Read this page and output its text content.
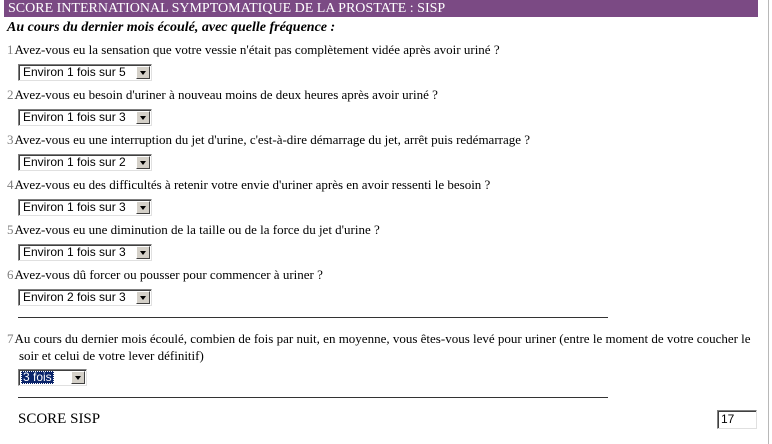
SCORE INTERNATIONAL SYMPTOMATIQUE DE LA PROSTATE : SISP
Au cours du dernier mois écoulé, avec quelle fréquence :
1Avez-vous eu la sensation que votre vessie n'était pas complètement vidée après avoir uriné ?
Environ 1 fois sur 5
2Avez-vous eu besoin d'uriner à nouveau moins de deux heures après avoir uriné ?
Environ 1 fois sur 3
3Avez-vous eu une interruption du jet d'urine, c'est-à-dire démarrage du jet, arrêt puis redémarrage ?
Environ 1 fois sur 2
4Avez-vous eu des difficultés à retenir votre envie d'uriner après en avoir ressenti le besoin ?
Environ 1 fois sur 3
5Avez-vous eu une diminution de la taille ou de la force du jet d'urine ?
Environ 1 fois sur 3
6Avez-vous dû forcer ou pousser pour commencer à uriner ?
Environ 2 fois sur 3
7Au cours du dernier mois écoulé, combien de fois par nuit, en moyenne, vous êtes-vous levé pour uriner (entre le moment de votre coucher le soir et celui de votre lever définitif)
3 fois
SCORE SISP	17
